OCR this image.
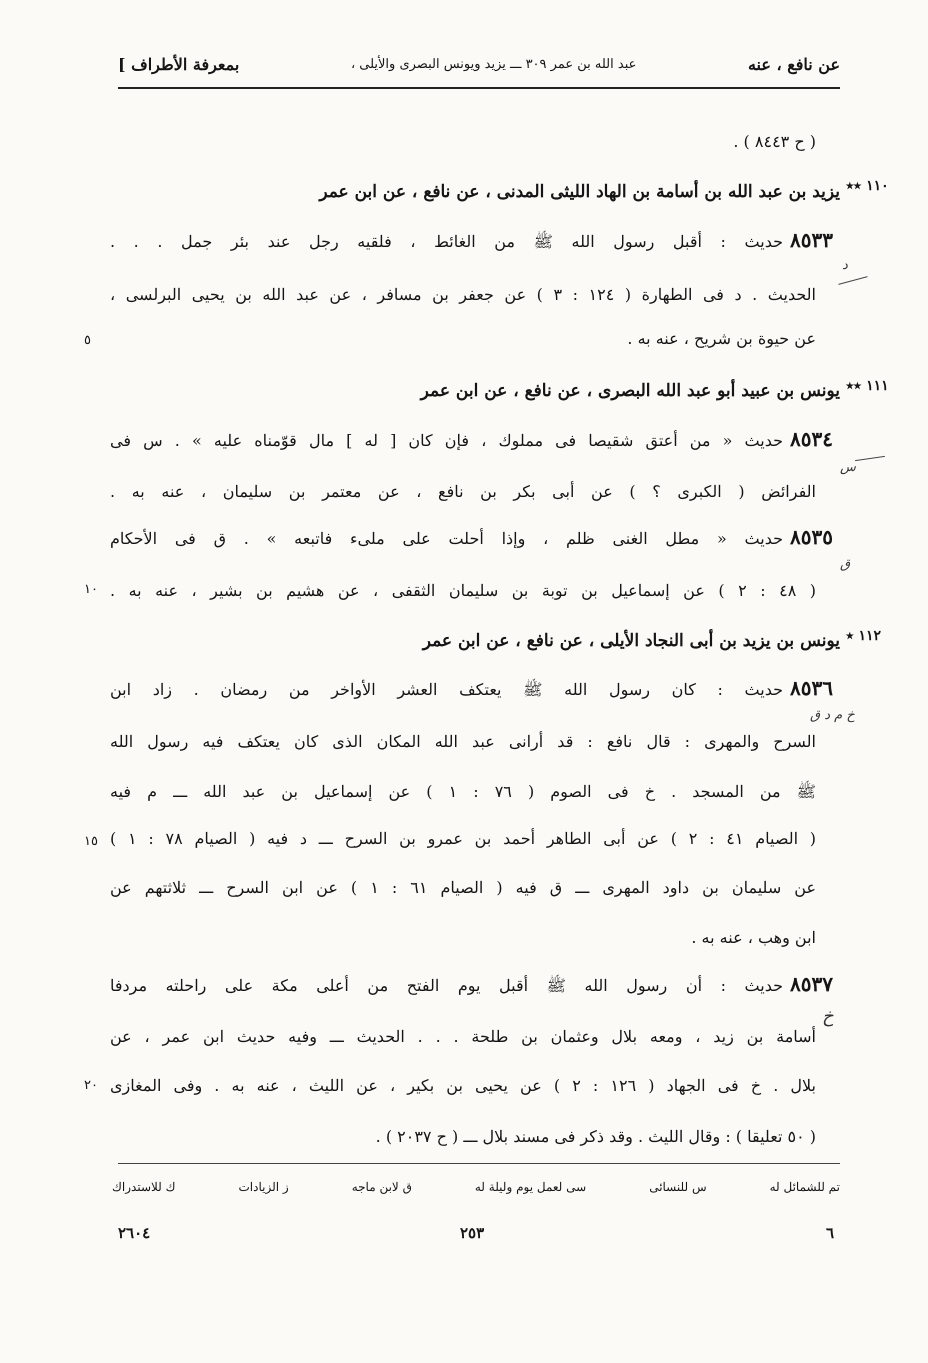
بمعرفة الأطراف ]	عبد الله بن عمر ٣٠٩ ـــ يزيد ويونس البصرى والأيلى ،	عن نافع ، عنه
( ح ٨٤٤٣ ) .
١١٠ ٭٭
يزيد بن عبد الله بن أسامة بن الهاد الليثى المدنى ، عن نافع ، عن ابن عمر
٨٥٣٣
حديث : أقبل رسول الله ﷺ من الغائط ، فلقيه رجل عند بئر جمل . . .
د
الحديث . د فى الطهارة ( ١٢٤ : ٣ ) عن جعفر بن مسافر ، عن عبد الله بن يحيى البرلسى ،
عن حيوة بن شريح ، عنه به .
٥
١١١ ٭٭
يونس بن عبيد أبو عبد الله البصرى ، عن نافع ، عن ابن عمر
٨٥٣٤
حديث « من أعتق شقيصا فى مملوك ، فإن كان [ له ] مال قوّمناه عليه » . س فى
س
الفرائض ( الكبرى ؟ ) عن أبى بكر بن نافع ، عن معتمر بن سليمان ، عنه به .
٨٥٣٥
حديث « مطل الغنى ظلم ، وإذا أحلت على ملىء فاتبعه » . ق فى الأحكام
ق
( ٤٨ : ٢ ) عن إسماعيل بن توبة بن سليمان الثقفى ، عن هشيم بن بشير ، عنه به .
١٠
١١٢ ٭
يونس بن يزيد بن أبى النجاد الأيلى ، عن نافع ، عن ابن عمر
٨٥٣٦
حديث : كان رسول الله ﷺ يعتكف العشر الأواخر من رمضان . زاد ابن
خ م د ق
السرح والمهرى : قال نافع : قد أرانى عبد الله المكان الذى كان يعتكف فيه رسول الله
ﷺ من المسجد . خ فى الصوم ( ٧٦ : ١ ) عن إسماعيل بن عبد الله ـــ م فيه
( الصيام ٤١ : ٢ ) عن أبى الطاهر أحمد بن عمرو بن السرح ـــ د فيه ( الصيام ٧٨ : ١ )
١٥
عن سليمان بن داود المهرى ـــ ق فيه ( الصيام ٦١ : ١ ) عن ابن السرح ـــ ثلاثتهم عن
ابن وهب ، عنه به .
٨٥٣٧
حديث : أن رسول الله ﷺ أقبل يوم الفتح من أعلى مكة على راحلته مردفا
خ
أسامة بن زيد ، ومعه بلال وعثمان بن طلحة . . . الحديث ـــ وفيه حديث ابن عمر ، عن
بلال . خ فى الجهاد ( ١٢٦ : ٢ ) عن يحيى بن بكير ، عن الليث ، عنه به . وفى المغازى
٢٠
( ٥٠ تعليقا ) : وقال الليث . وقد ذكر فى مسند بلال ـــ ( ح ٢٠٣٧ ) .
تم للشمائل له
س للنسائى
سى لعمل يوم وليلة له
ق لابن ماجه
ز الزيادات
ك للاستدراك
٢٦٠٤	٢٥٣	٦
